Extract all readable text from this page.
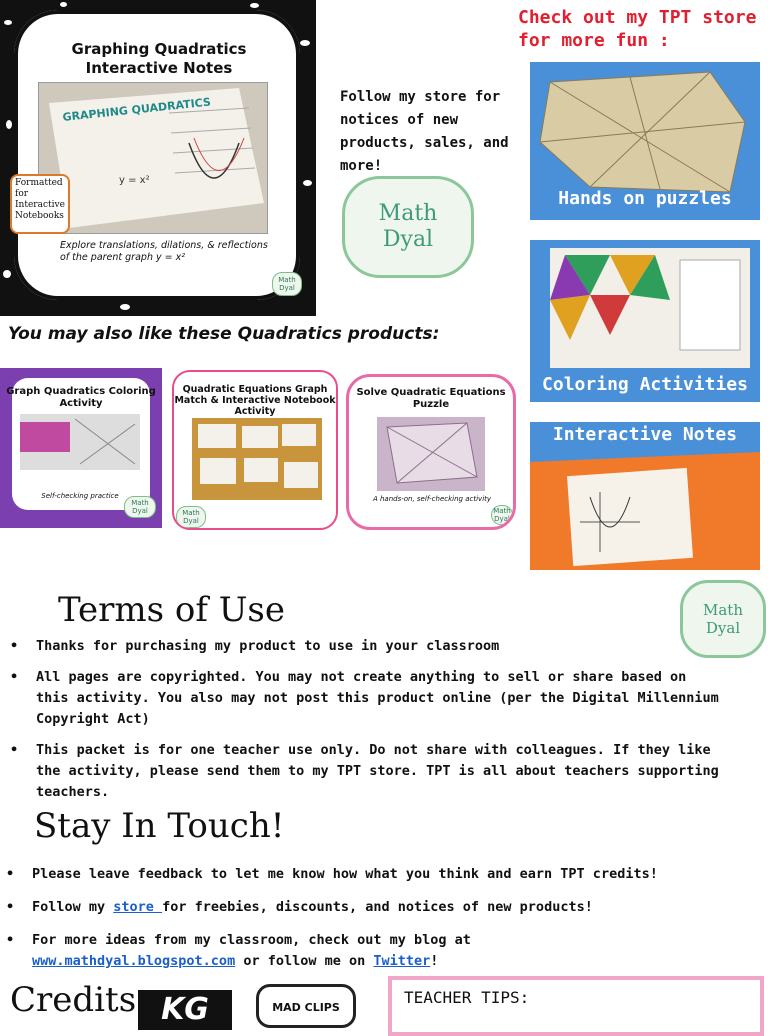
Graphing Quadratics Interactive Notes
GRAPHING QUADRATICS
y = x²
Formatted for Interactive Notebooks
Explore translations, dilations, & reflections of the parent graph y = x²
Math Dyal
Follow my store for notices of new products, sales, and more!
Math
Dyal
Check out my TPT store for more fun :
Hands on puzzles
Coloring Activities
Interactive Notes
You may also like these Quadratics products:
Graph Quadratics Coloring Activity
Self-checking practice
Math Dyal
Quadratic Equations Graph Match & Interactive Notebook Activity
Math Dyal
Solve Quadratic Equations Puzzle
A hands-on, self-checking activity
Math Dyal
Terms of Use	Math
Dyal
• Thanks for purchasing my product to use in your classroom
• All pages are copyrighted. You may not create anything to sell or share based on this activity. You also may not post this product online (per the Digital Millennium Copyright Act)
• This packet is for one teacher use only. Do not share with colleagues. If they like the activity, please send them to my TPT store. TPT is all about teachers supporting teachers.
Stay In Touch!
• Please leave feedback to let me know how what you think and earn TPT credits!
• Follow my store for freebies, discounts, and notices of new products!
• For more ideas from my classroom, check out my blog at
www.mathdyal.blogspot.com or follow me on Twitter!
Credits KG	MAD CLIPS
TEACHER TIPS:
